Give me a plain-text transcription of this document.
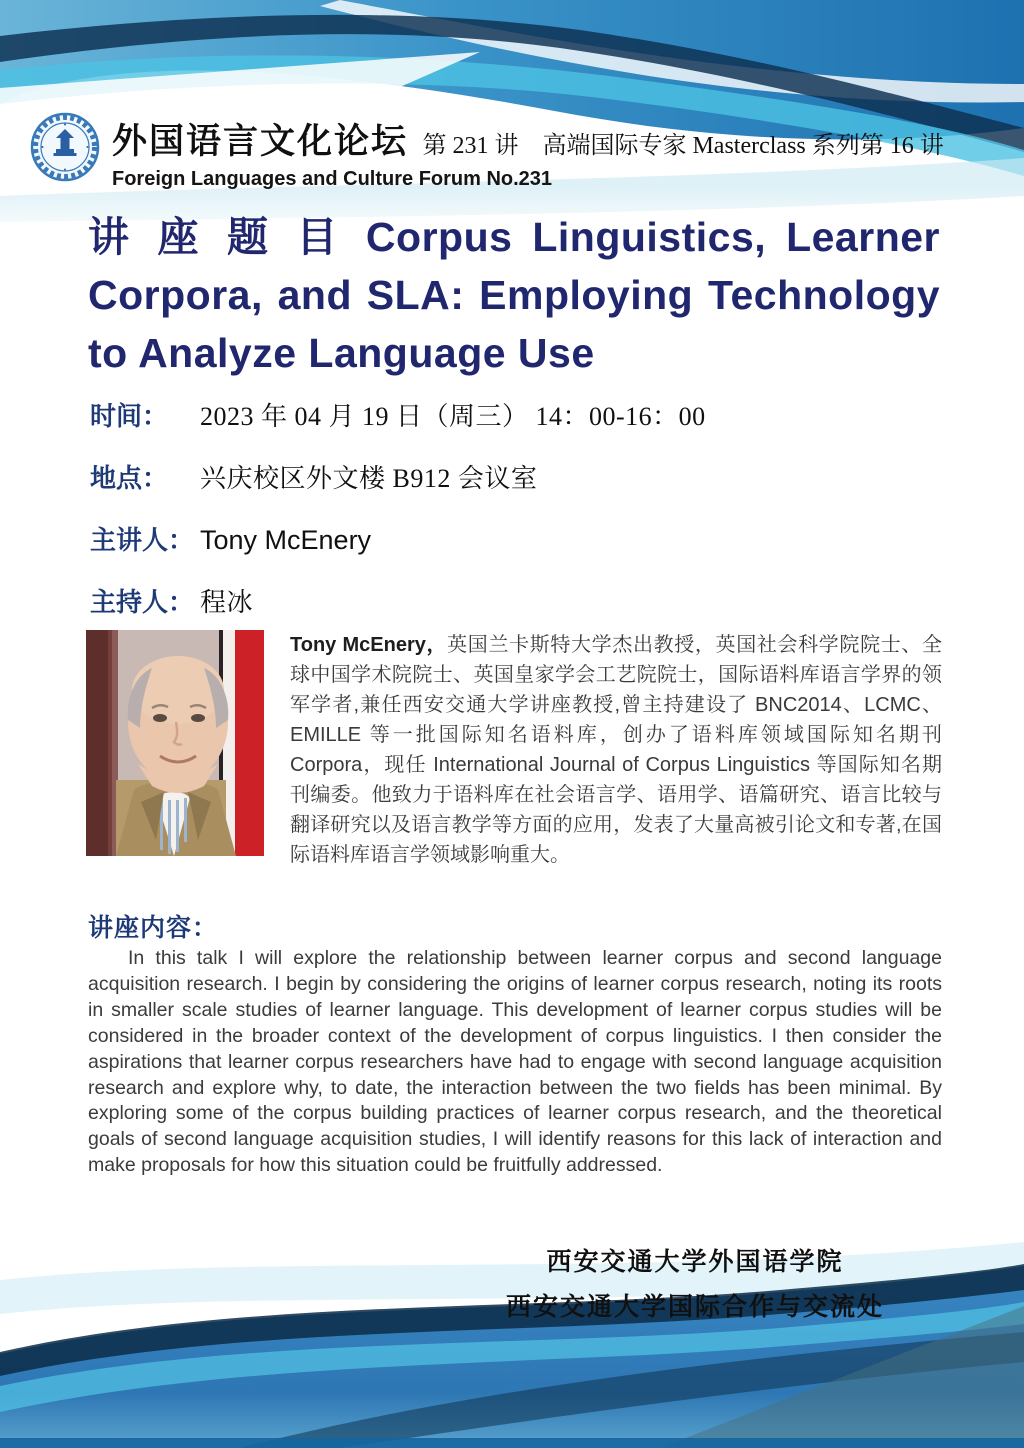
外国语言文化论坛 第 231 讲　高端国际专家 Masterclass 系列第 16 讲
Foreign Languages and Culture Forum No.231
讲 座 题 目 Corpus Linguistics, Learner
Corpora, and SLA: Employing Technology
to Analyze Language Use
时间：	2023 年 04 月 19 日（周三） 14：00-16：00
地点：	兴庆校区外文楼 B912 会议室
主讲人： Tony McEnery
主持人： 程冰

Tony McEnery，英国兰卡斯特大学杰出教授，英国社会科学院院士、全球中国学术院院士、英国皇家学会工艺院院士，国际语料库语言学界的领军学者,兼任西安交通大学讲座教授,曾主持建设了 BNC2014、LCMC、EMILLE 等一批国际知名语料库，创办了语料库领域国际知名期刊 Corpora，现任 International Journal of Corpus Linguistics 等国际知名期刊编委。他致力于语料库在社会语言学、语用学、语篇研究、语言比较与翻译研究以及语言教学等方面的应用，发表了大量高被引论文和专著,在国际语料库语言学领域影响重大。

讲座内容：

In this talk I will explore the relationship between learner corpus and second language acquisition research. I begin by considering the origins of learner corpus research, noting its roots in smaller scale studies of learner language. This development of learner corpus studies will be considered in the broader context of the development of corpus linguistics. I then consider the aspirations that learner corpus researchers have had to engage with second language acquisition research and explore why, to date, the interaction between the two fields has been minimal. By exploring some of the corpus building practices of learner corpus research, and the theoretical goals of second language acquisition studies, I will identify reasons for this lack of interaction and make proposals for how this situation could be fruitfully addressed.

西安交通大学外国语学院
西安交通大学国际合作与交流处
